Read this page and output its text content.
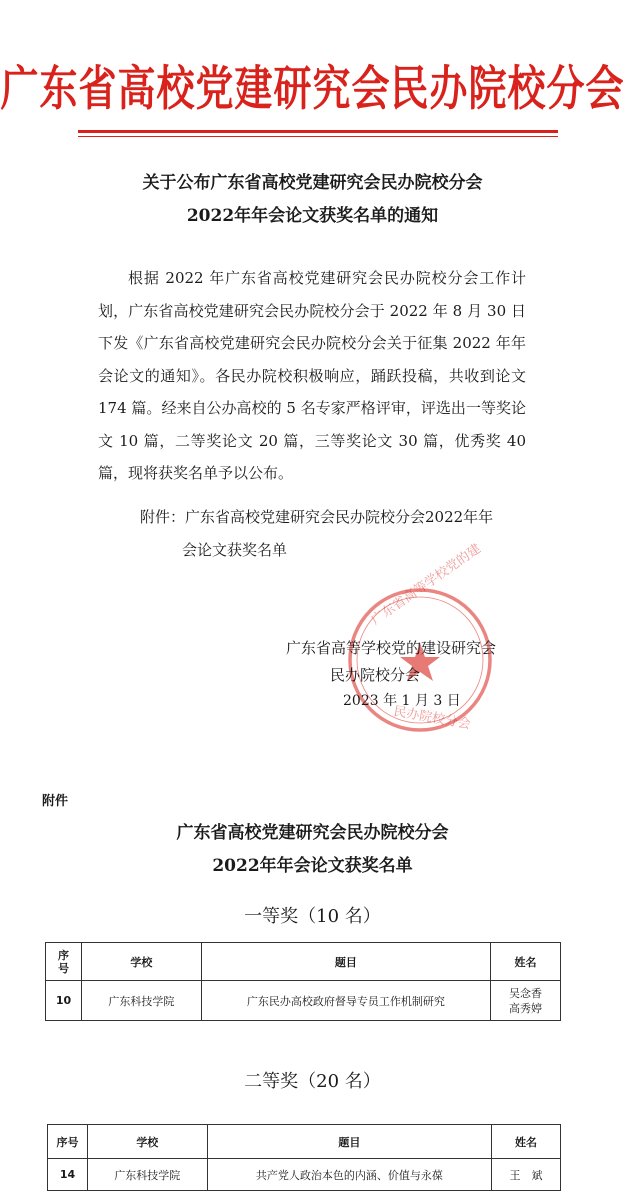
广东省高校党建研究会民办院校分会
关于公布广东省高校党建研究会民办院校分会
2022年年会论文获奖名单的通知

根据 2022 年广东省高校党建研究会民办院校分会工作计划，广东省高校党建研究会民办院校分会于 2022 年 8 月 30 日下发《广东省高校党建研究会民办院校分会关于征集 2022 年年会论文的通知》。各民办院校积极响应，踊跃投稿，共收到论文 174 篇。经来自公办高校的 5 名专家严格评审，评选出一等奖论文 10 篇，二等奖论文 20 篇，三等奖论文 30 篇，优秀奖 40 篇，现将获奖名单予以公布。

附件：广东省高校党建研究会民办院校分会2022年年
会论文获奖名单	广东省高等学校党的建
民办院校分会
广东省高等学校党的建设研究会
民办院校分会
2023 年 1 月 3 日
附件
广东省高校党建研究会民办院校分会
2022年年会论文获奖名单
一等奖（10 名）
序
号	学校	题目	姓名
10	广东科技学院	广东民办高校政府督导专员工作机制研究	吴念香
高秀婷
二等奖（20 名）
序号	学校	题目	姓名
14	广东科技学院	共产党人政治本色的内涵、价值与永葆	王　斌
